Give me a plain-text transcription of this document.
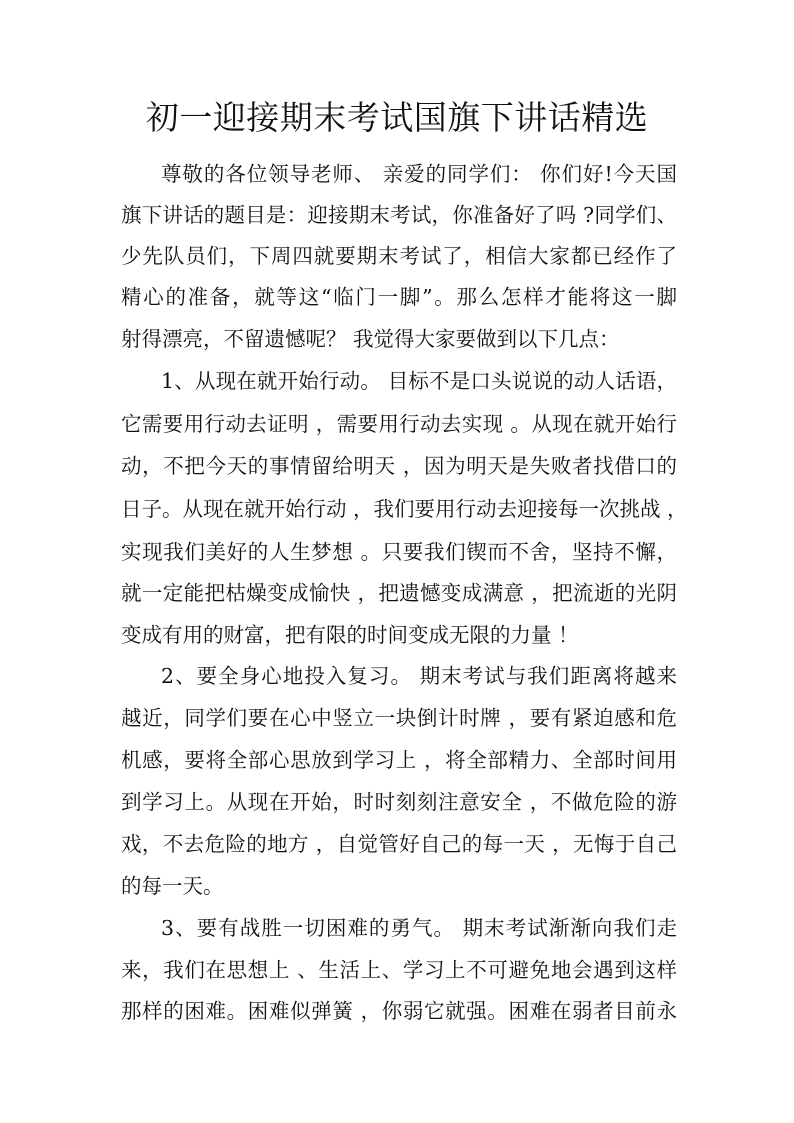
初一迎接期末考试国旗下讲话精选
尊敬的各位领导老师、 亲爱的同学们： 你们好!今天国
旗下讲话的题目是：迎接期末考试，你准备好了吗 ?同学们、
少先队员们，下周四就要期末考试了，相信大家都已经作了
精心的准备，就等这“临门一脚”。那么怎样才能将这一脚
射得漂亮，不留遗憾呢？ 我觉得大家要做到以下几点：
1、从现在就开始行动。 目标不是口头说说的动人话语，
它需要用行动去证明 ，需要用行动去实现 。从现在就开始行
动，不把今天的事情留给明天 ，因为明天是失败者找借口的
日子。从现在就开始行动 ，我们要用行动去迎接每一次挑战 ，
实现我们美好的人生梦想 。只要我们锲而不舍，坚持不懈，
就一定能把枯燥变成愉快 ，把遗憾变成满意 ，把流逝的光阴
变成有用的财富，把有限的时间变成无限的力量 ！
2、要全身心地投入复习。 期末考试与我们距离将越来
越近，同学们要在心中竖立一块倒计时牌 ，要有紧迫感和危
机感，要将全部心思放到学习上 ，将全部精力、全部时间用
到学习上。从现在开始，时时刻刻注意安全 ，不做危险的游
戏，不去危险的地方 ，自觉管好自己的每一天 ，无悔于自己
的每一天。
3、要有战胜一切困难的勇气。 期末考试渐渐向我们走
来，我们在思想上 、生活上、学习上不可避免地会遇到这样
那样的困难。困难似弹簧 ，你弱它就强。困难在弱者目前永
